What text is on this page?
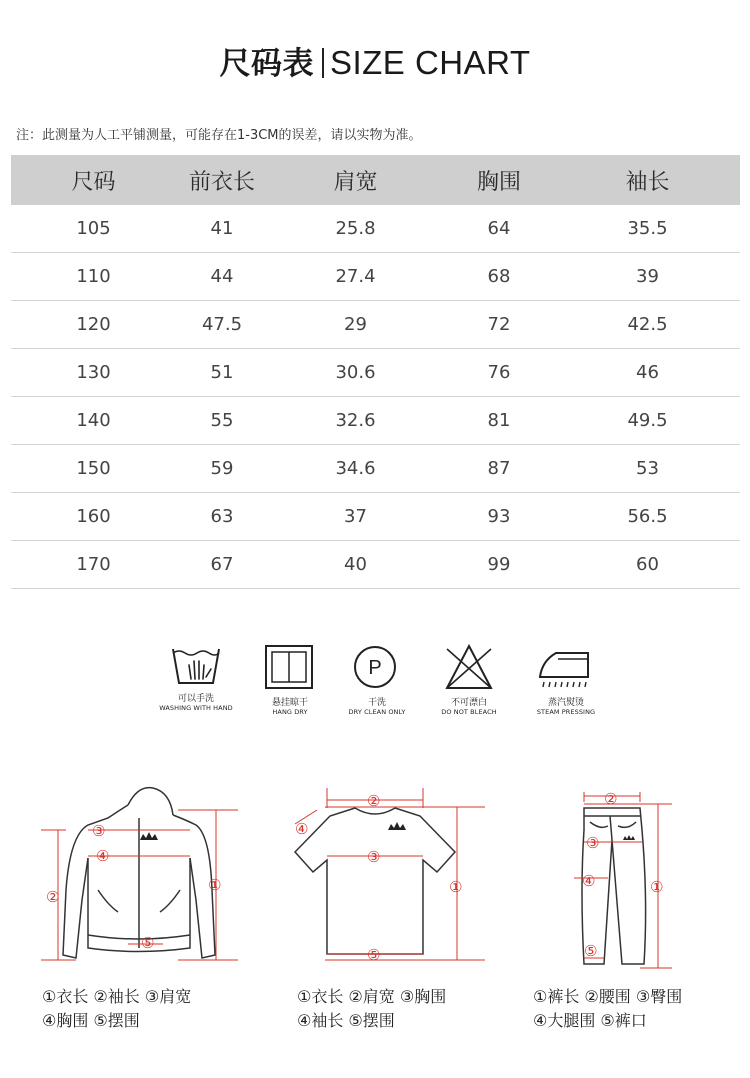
尺码表 SIZE CHART
注：此测量为人工平铺测量，可能存在1-3CM的误差，请以实物为准。
尺码	前衣长	肩宽	胸围	袖长
105	41	25.8	64	35.5
110	44	27.4	68	39
120	47.5	29	72	42.5
130	51	30.6	76	46
140	55	32.6	81	49.5
150	59	34.6	87	53
160	63	37	93	56.5
170	67	40	99	60
可以手洗
WASHING WITH HAND	悬挂晾干
HANG DRY
P
干洗
DRY CLEAN ONLY
不可漂白
DO NOT BLEACH
蒸汽熨烫
STEAM PRESSING
①
②
③
④
⑤
①衣长 ②袖长 ③肩宽
④胸围 ⑤摆围
①
②
③
④
⑤
①衣长 ②肩宽 ③胸围
④袖长 ⑤摆围
①
②
③
④
⑤
①裤长 ②腰围 ③臀围
④大腿围 ⑤裤口
